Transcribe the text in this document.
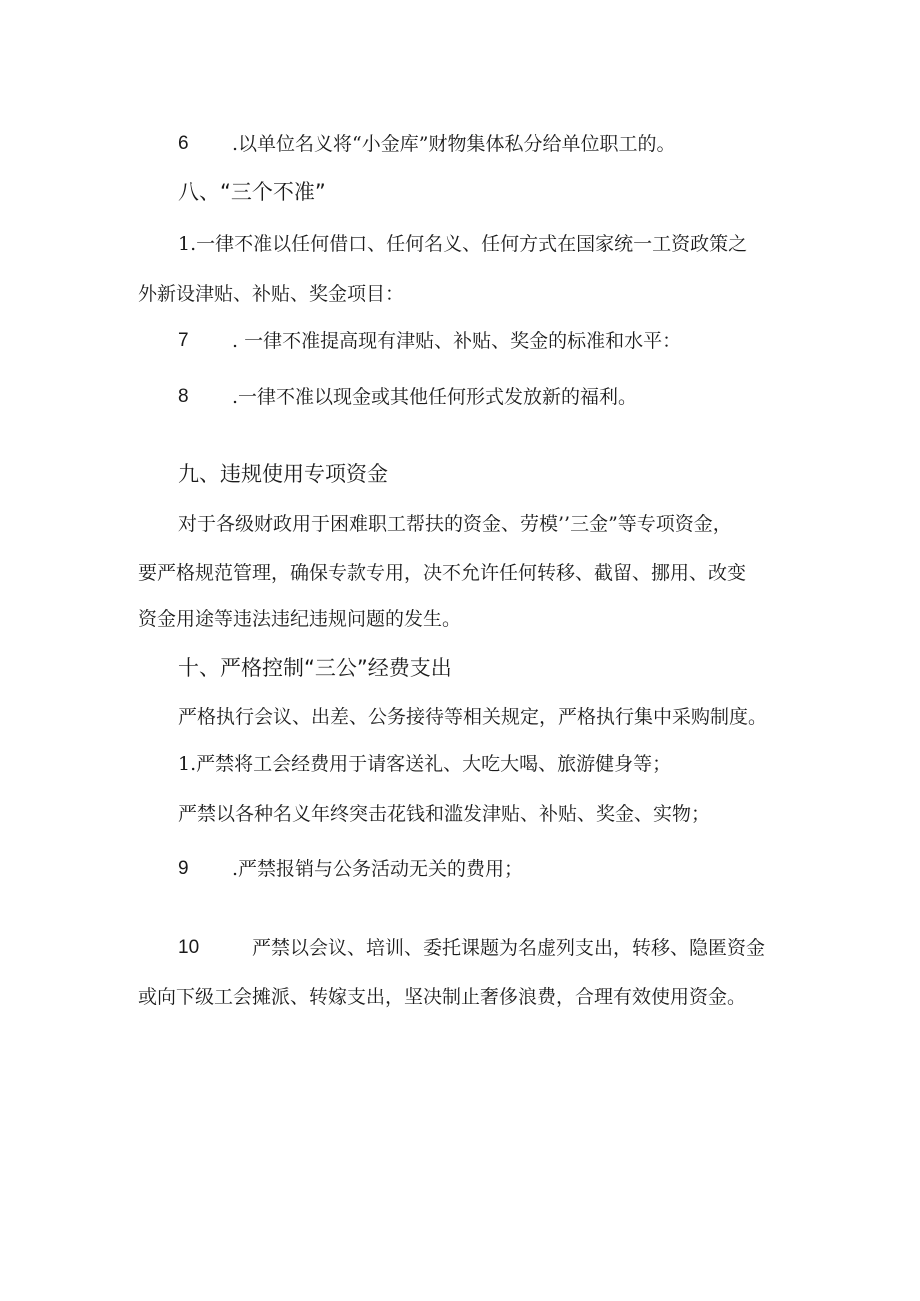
6 .以单位名义将“小金库”财物集体私分给单位职工的。
八、“三个不准”
1.一律不准以任何借口、任何名义、任何方式在国家统一工资政策之
外新设津贴、补贴、奖金项目：
7 . 一律不准提高现有津贴、补贴、奖金的标准和水平：
8 .一律不准以现金或其他任何形式发放新的福利。
九、违规使用专项资金
对于各级财政用于困难职工帮扶的资金、劳模’’三金”等专项资金，
要严格规范管理，确保专款专用，决不允许任何转移、截留、挪用、改变
资金用途等违法违纪违规问题的发生。
十、严格控制“三公”经费支出
严格执行会议、出差、公务接待等相关规定，严格执行集中采购制度。
1.严禁将工会经费用于请客送礼、大吃大喝、旅游健身等；
严禁以各种名义年终突击花钱和滥发津贴、补贴、奖金、实物；
9 .严禁报销与公务活动无关的费用；
10	严禁以会议、培训、委托课题为名虚列支出，转移、隐匿资金
或向下级工会摊派、转嫁支出，坚决制止奢侈浪费，合理有效使用资金。
